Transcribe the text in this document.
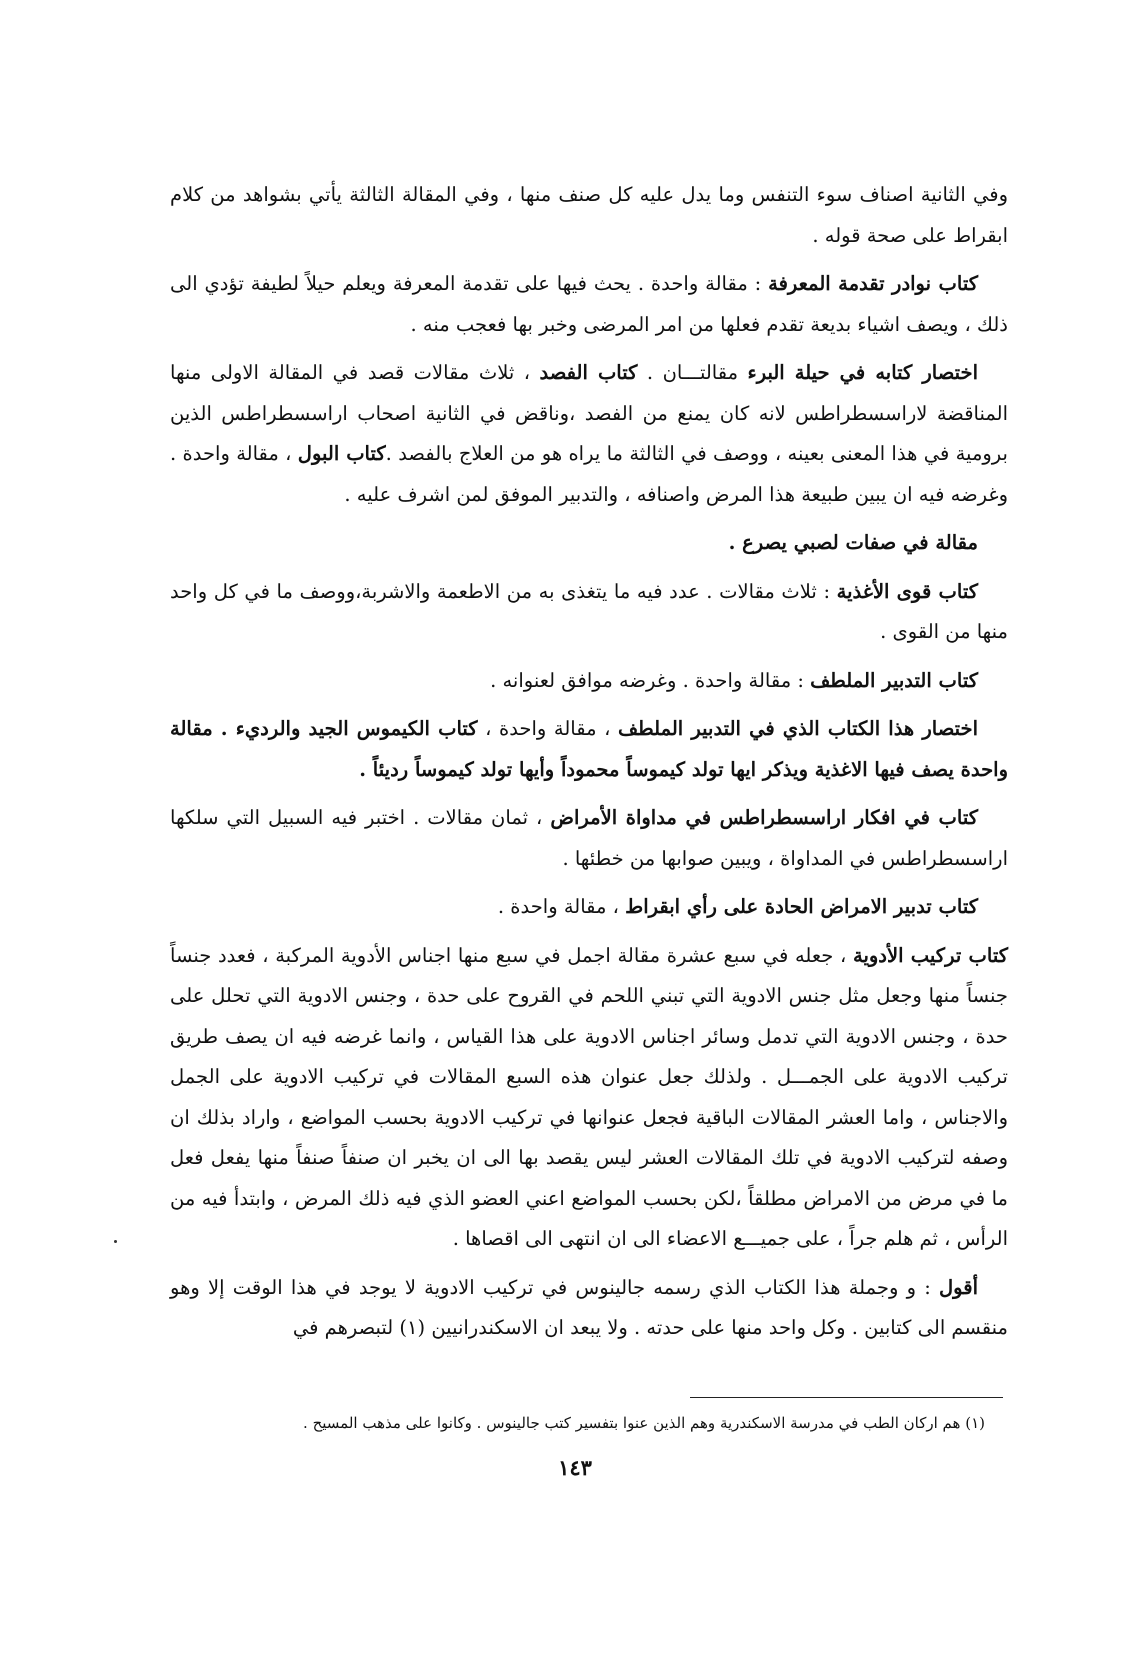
وفي الثانية اصناف سوء التنفس وما يدل عليه كل صنف منها ، وفي المقالة الثالثة يأتي بشواهد من كلام ابقراط على صحة قوله .

كتاب نوادر تقدمة المعرفة : مقالة واحدة . يحث فيها على تقدمة المعرفة ويعلم حيلاً لطيفة تؤدي الى ذلك ، ويصف اشياء بديعة تقدم فعلها من امر المرضى وخبر بها فعجب منه .

اختصار كتابه في حيلة البرء مقالتـــان . كتاب الفصد ، ثلاث مقالات قصد في المقالة الاولى منها المناقضة لاراسسطراطس لانه كان يمنع من الفصد ،وناقض في الثانية اصحاب اراسسطراطس الذين برومية في هذا المعنى بعينه ، ووصف في الثالثة ما يراه هو من العلاج بالفصد .كتاب البول ، مقالة واحدة . وغرضه فيه ان يبين طبيعة هذا المرض واصنافه ، والتدبير الموفق لمن اشرف عليه .

مقالة في صفات لصبي يصرع .

كتاب قوى الأغذية : ثلاث مقالات . عدد فيه ما يتغذى به من الاطعمة والاشربة،ووصف ما في كل واحد منها من القوى .

كتاب التدبير الملطف : مقالة واحدة . وغرضه موافق لعنوانه .

اختصار هذا الكتاب الذي في التدبير الملطف ، مقالة واحدة ، كتاب الكيموس الجيد والرديء . مقالة واحدة يصف فيها الاغذية ويذكر ايها تولد كيموساً محموداً وأيها تولد كيموساً رديئاً .

كتاب في افكار اراسسطراطس في مداواة الأمراض ، ثمان مقالات . اختبر فيه السبيل التي سلكها اراسسطراطس في المداواة ، ويبين صوابها من خطئها .

كتاب تدبير الامراض الحادة على رأي ابقراط ، مقالة واحدة .

كتاب تركيب الأدوية ، جعله في سبع عشرة مقالة اجمل في سبع منها اجناس الأدوية المركبة ، فعدد جنساً جنساً منها وجعل مثل جنس الادوية التي تبني اللحم في القروح على حدة ، وجنس الادوية التي تحلل على حدة ، وجنس الادوية التي تدمل وسائر اجناس الادوية على هذا القياس ، وانما غرضه فيه ان يصف طريق تركيب الادوية على الجمـــل . ولذلك جعل عنوان هذه السبع المقالات في تركيب الادوية على الجمل والاجناس ، واما العشر المقالات الباقية فجعل عنوانها في تركيب الادوية بحسب المواضع ، واراد بذلك ان وصفه لتركيب الادوية في تلك المقالات العشر ليس يقصد بها الى ان يخبر ان صنفاً صنفاً منها يفعل فعل ما في مرض من الامراض مطلقاً ،لكن بحسب المواضع اعني العضو الذي فيه ذلك المرض ، وابتدأ فيه من الرأس ، ثم هلم جراً ، على جميـــع الاعضاء الى ان انتهى الى اقصاها .

أقول : و وجملة هذا الكتاب الذي رسمه جالينوس في تركيب الادوية لا يوجد في هذا الوقت إلا وهو منقسم الى كتابين . وكل واحد منها على حدته . ولا يبعد ان الاسكندرانيين (١) لتبصرهم في

(١) هم اركان الطب في مدرسة الاسكندرية وهم الذين عنوا بتفسير كتب جالينوس . وكانوا على مذهب المسيح .
١٤٣
